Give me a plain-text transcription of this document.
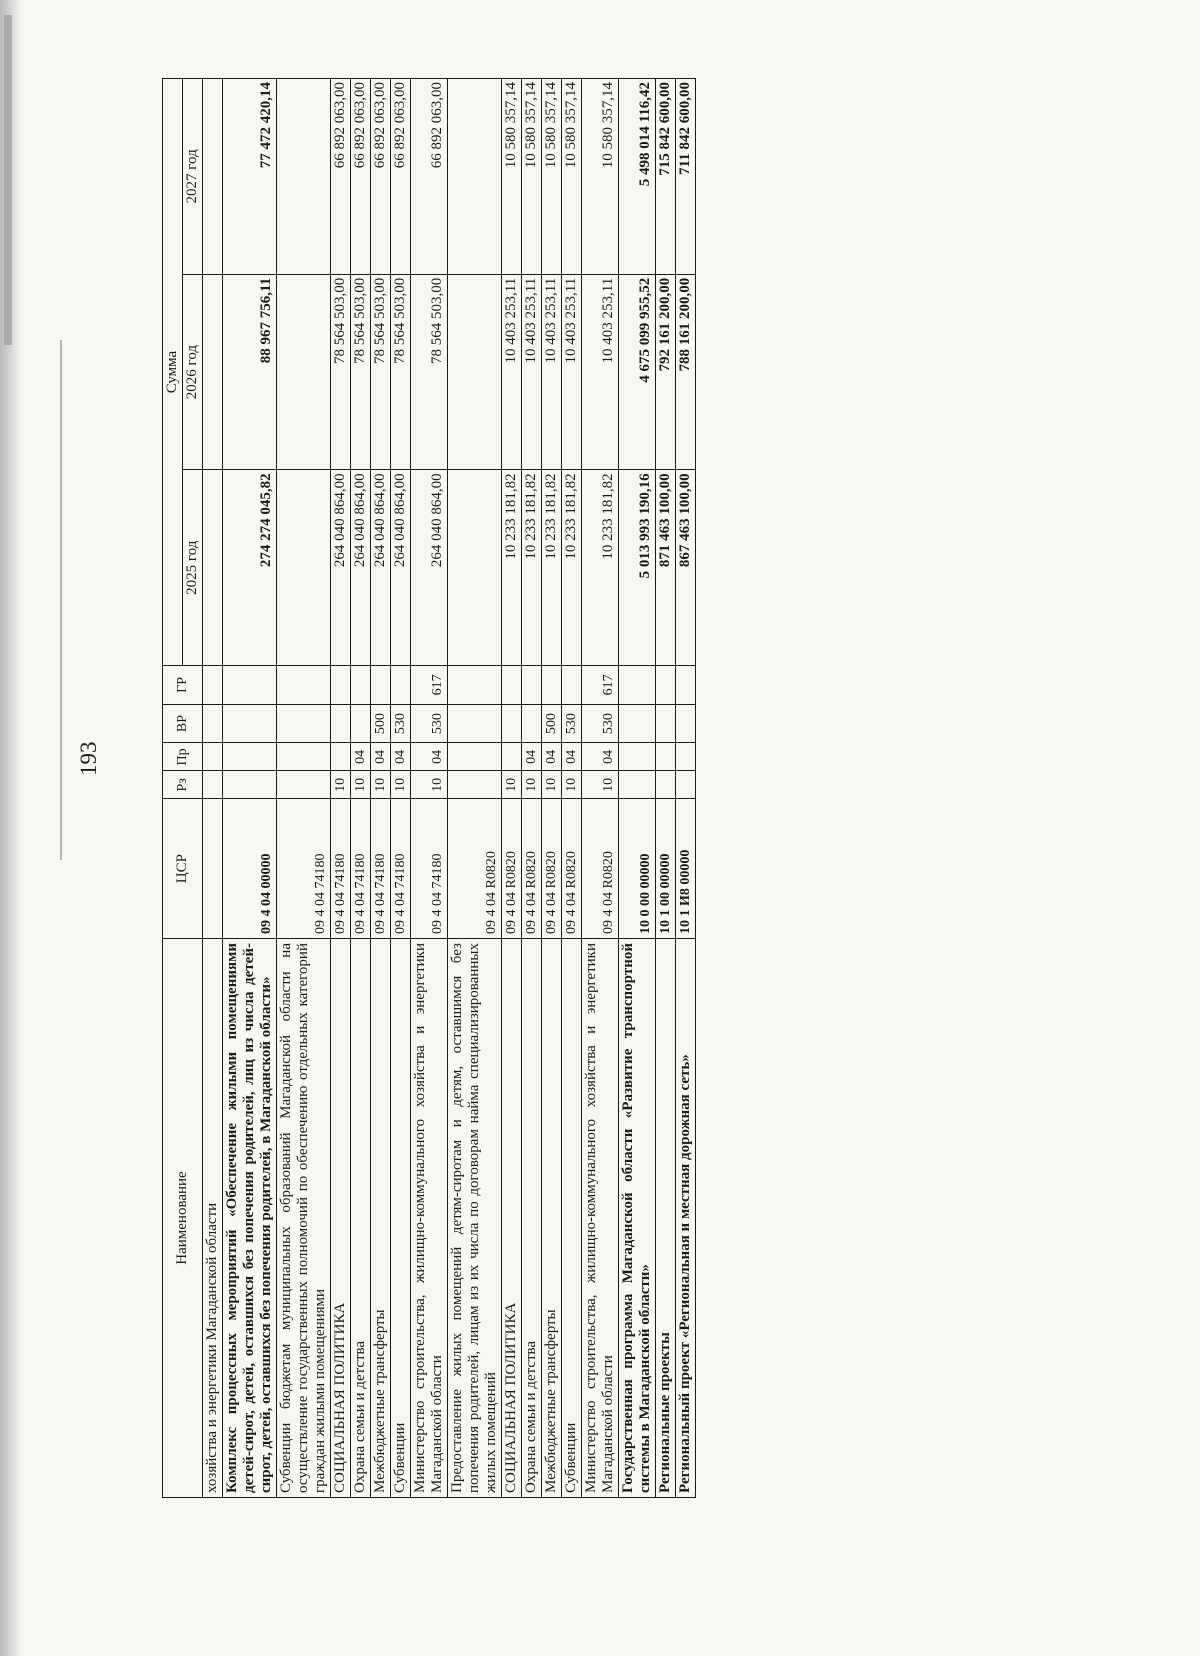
193
Наименование	ЦСР	Рз	Пр	ВР	ГР	Сумма		
						2025 год	2026 год	2027 год
хозяйства и энергетики Магаданской области								
Комплекс процессных мероприятий «Обеспечение жилыми помещениями детей-сирот, детей, оставшихся без попечения родителей, лиц из числа детей-сирот, детей, оставшихся без попечения родителей, в Магаданской области»	09 4 04 00000					274 274 045,82	88 967 756,11	77 472 420,14
Субвенции бюджетам муниципальных образований Магаданской области на осуществление государственных полномочий по обеспечению отдельных категорий граждан жилыми помещениями	09 4 04 74180							
СОЦИАЛЬНАЯ ПОЛИТИКА	09 4 04 74180	10				264 040 864,00	78 564 503,00	66 892 063,00
Охрана семьи и детства	09 4 04 74180	10	04			264 040 864,00	78 564 503,00	66 892 063,00
Межбюджетные трансферты	09 4 04 74180	10	04	500		264 040 864,00	78 564 503,00	66 892 063,00
Субвенции	09 4 04 74180	10	04	530		264 040 864,00	78 564 503,00	66 892 063,00
Министерство строительства, жилищно-коммунального хозяйства и энергетики Магаданской области	09 4 04 74180	10	04	530	617	264 040 864,00	78 564 503,00	66 892 063,00
Предоставление жилых помещений детям-сиротам и детям, оставшимся без попечения родителей, лицам из их числа по договорам найма специализированных жилых помещений	09 4 04 R0820							
СОЦИАЛЬНАЯ ПОЛИТИКА	09 4 04 R0820	10				10 233 181,82	10 403 253,11	10 580 357,14
Охрана семьи и детства	09 4 04 R0820	10	04			10 233 181,82	10 403 253,11	10 580 357,14
Межбюджетные трансферты	09 4 04 R0820	10	04	500		10 233 181,82	10 403 253,11	10 580 357,14
Субвенции	09 4 04 R0820	10	04	530		10 233 181,82	10 403 253,11	10 580 357,14
Министерство строительства, жилищно-коммунального хозяйства и энергетики Магаданской области	09 4 04 R0820	10	04	530	617	10 233 181,82	10 403 253,11	10 580 357,14
Государственная программа Магаданской области «Развитие транспортной системы в Магаданской области»	10 0 00 00000					5 013 993 190,16	4 675 099 955,52	5 498 014 116,42
Региональные проекты	10 1 00 00000					871 463 100,00	792 161 200,00	715 842 600,00
Региональный проект «Региональная и местная дорожная сеть»	10 1 И8 00000					867 463 100,00	788 161 200,00	711 842 600,00
